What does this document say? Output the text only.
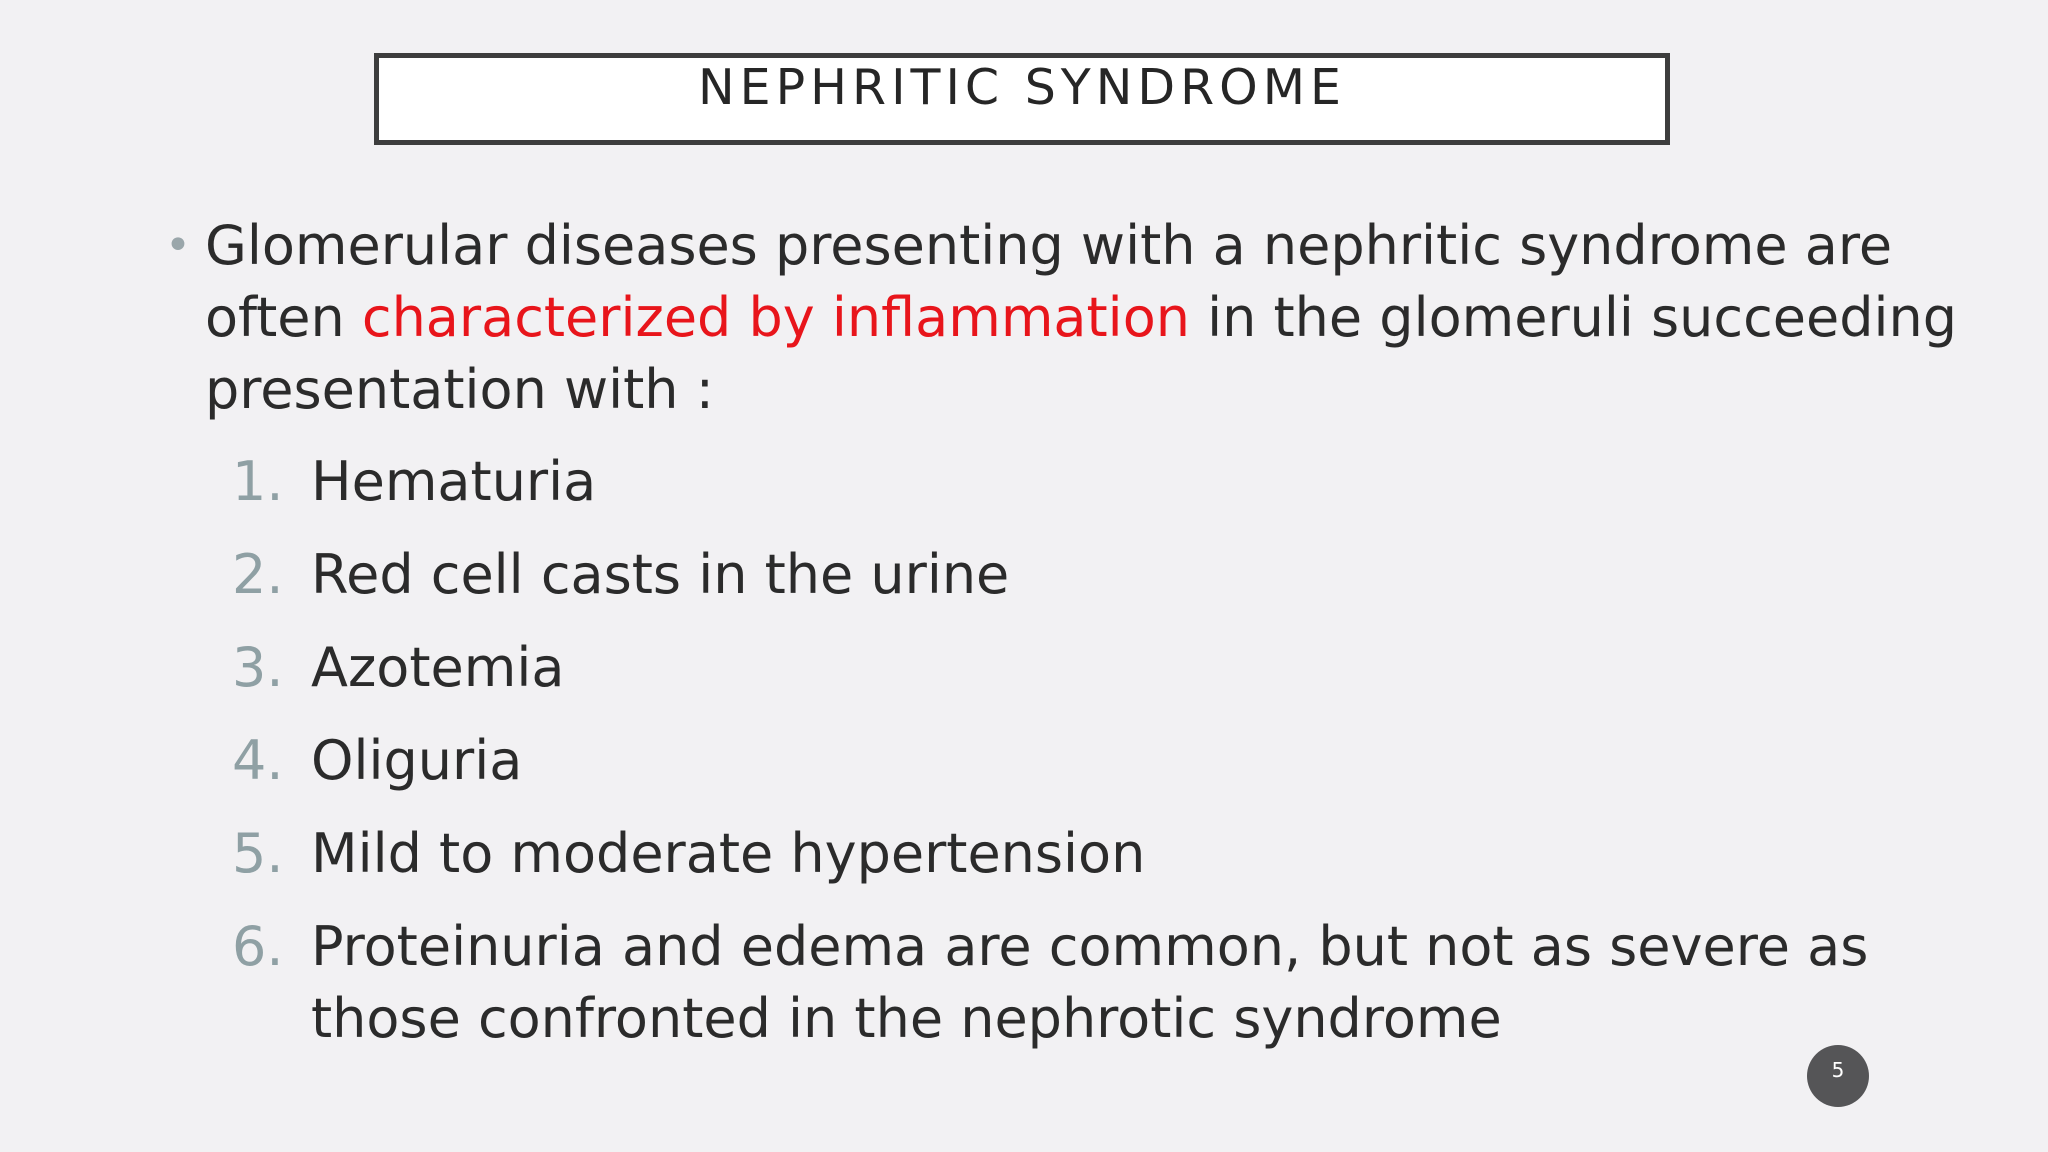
NEPHRITIC SYNDROME
• Glomerular diseases presenting with a nephritic syndrome are often characterized by inflammation in the glomeruli succeeding presentation with :
1. Hematuria
2. Red cell casts in the urine
3. Azotemia
4. Oliguria
5. Mild to moderate hypertension
6. Proteinuria and edema are common, but not as severe as those confronted in the nephrotic syndrome
5
